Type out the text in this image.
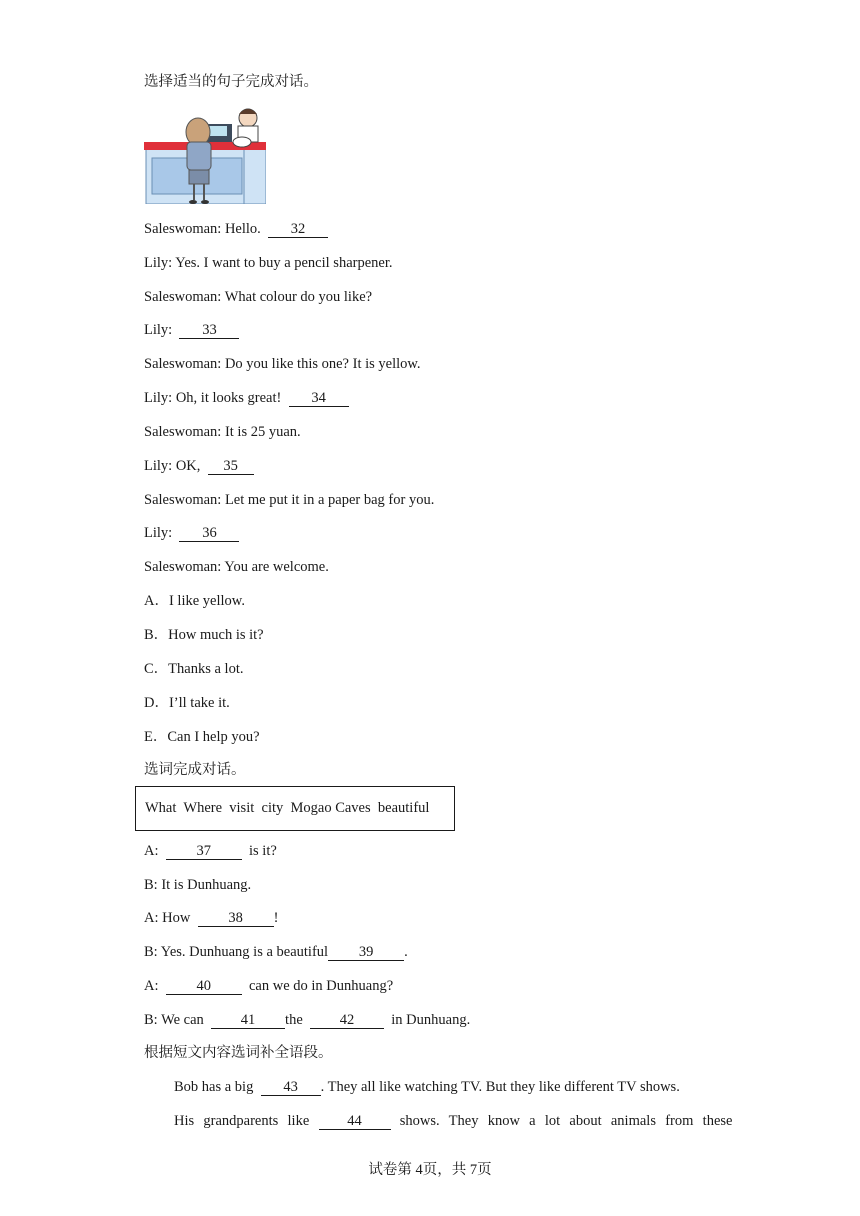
选择适当的句子完成对话。
Saleswoman: Hello. 32
Lily: Yes. I want to buy a pencil sharpener.
Saleswoman: What colour do you like?
Lily: 33
Saleswoman: Do you like this one? It is yellow.
Lily: Oh, it looks great! 34
Saleswoman: It is 25 yuan.
Lily: OK, 35
Saleswoman: Let me put it in a paper bag for you.
Lily: 36
Saleswoman: You are welcome.
A．I like yellow.
B．How much is it?
C．Thanks a lot.
D．I’ll take it.
E．Can I help you?
选词完成对话。
What  Where  visit  city  Mogao Caves  beautiful
A:	37	is it?
B: It is Dunhuang.
A: How	38 !
B: Yes. Dunhuang is a beautiful 39 .
A:	40	can we do in Dunhuang?
B: We can	41 the	42	in Dunhuang.
根据短文内容选词补全语段。
Bob has a big 43 . They all like watching TV. But they like different TV shows.
His  grandparents  like	44	shows.  They  know  a  lot  about  animals  from  these
试卷第 4页，共 7页
